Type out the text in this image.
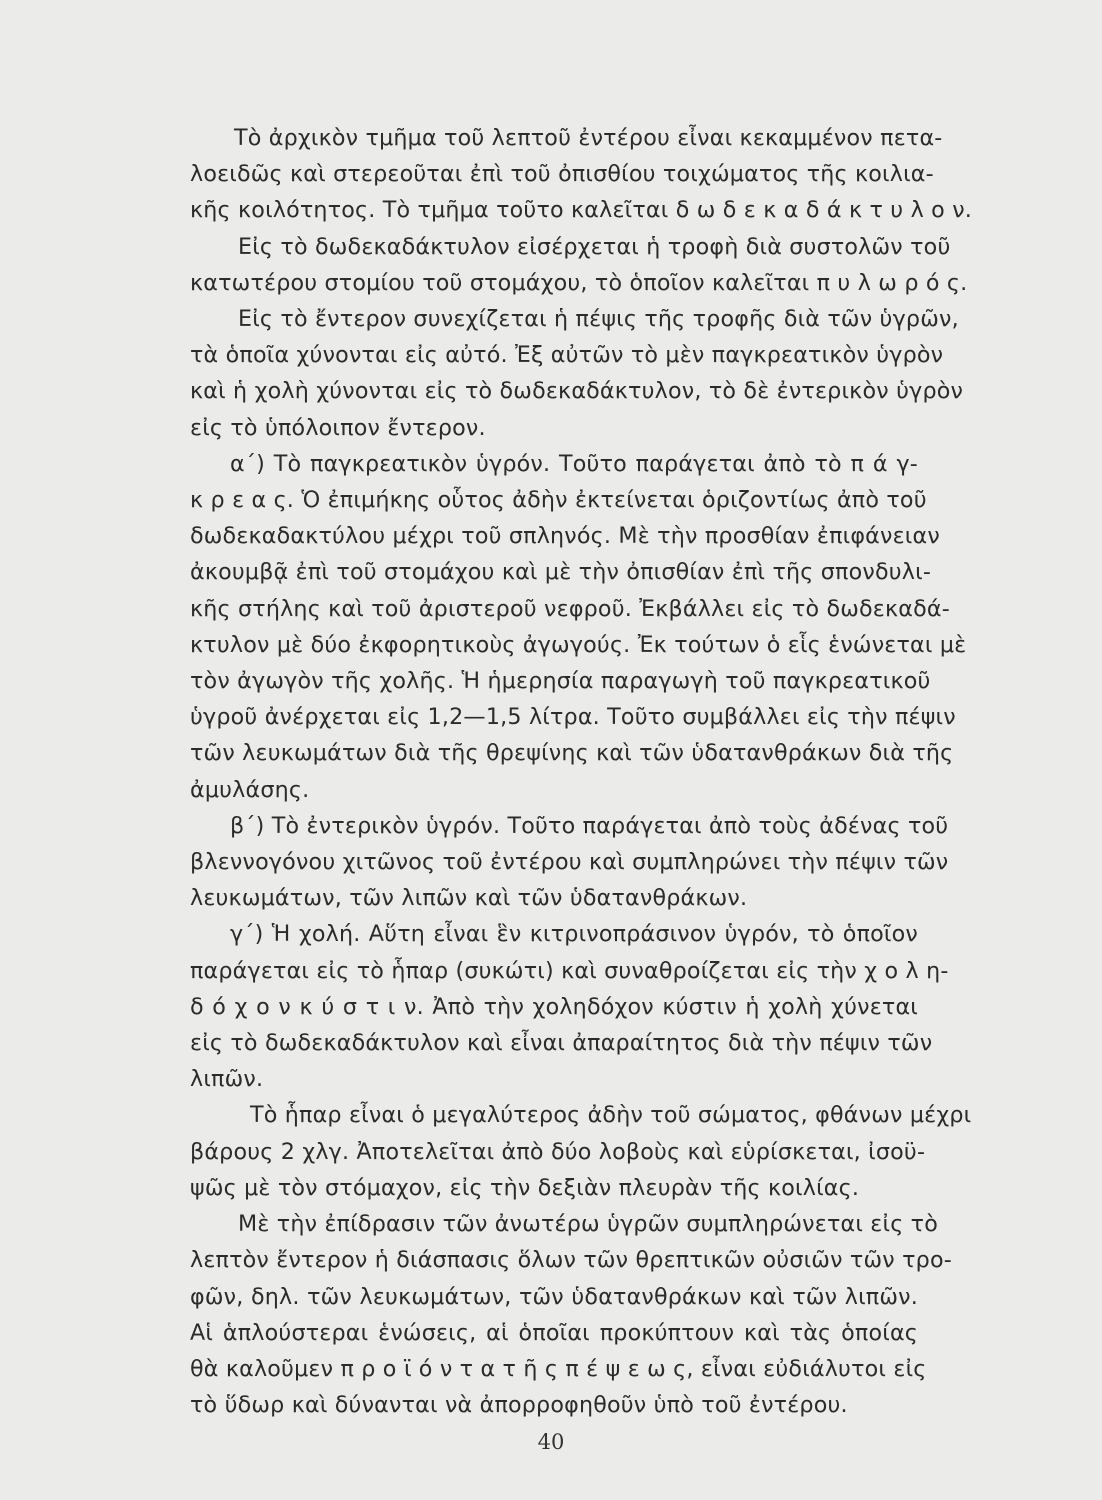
Τὸ ἀρχικὸν τμῆμα τοῦ λεπτοῦ ἐντέρου εἶναι κεκαμμένον πετα-
λοειδῶς καὶ στερεοῦται ἐπὶ τοῦ ὀπισθίου τοιχώματος τῆς κοιλια-
κῆς κοιλότητος. Τὸ τμῆμα τοῦτο καλεῖται δ ω δ ε κ α δ ά κ τ υ λ ο ν.
Εἰς τὸ δωδεκαδάκτυλον εἰσέρχεται ἡ τροφὴ διὰ συστολῶν τοῦ
κατωτέρου στομίου τοῦ στομάχου, τὸ ὁποῖον καλεῖται π υ λ ω ρ ό ς.
Εἰς τὸ ἔντερον συνεχίζεται ἡ πέψις τῆς τροφῆς διὰ τῶν ὑγρῶν,
τὰ ὁποῖα χύνονται εἰς αὐτό. Ἐξ αὐτῶν τὸ μὲν παγκρεατικὸν ὑγρὸν
καὶ ἡ χολὴ χύνονται εἰς τὸ δωδεκαδάκτυλον, τὸ δὲ ἐντερικὸν ὑγρὸν
εἰς τὸ ὑπόλοιπον ἔντερον.
α΄) Τὸ παγκρεατικὸν ὑγρόν. Τοῦτο παράγεται ἀπὸ τὸ π ά γ-
κ ρ ε α ς. Ὁ ἐπιμήκης οὗτος ἀδὴν ἐκτείνεται ὁριζοντίως ἀπὸ τοῦ
δωδεκαδακτύλου μέχρι τοῦ σπληνός. Μὲ τὴν προσθίαν ἐπιφάνειαν
ἀκουμβᾷ ἐπὶ τοῦ στομάχου καὶ μὲ τὴν ὀπισθίαν ἐπὶ τῆς σπονδυλι-
κῆς στήλης καὶ τοῦ ἀριστεροῦ νεφροῦ. Ἐκβάλλει εἰς τὸ δωδεκαδά-
κτυλον μὲ δύο ἐκφορητικοὺς ἀγωγούς. Ἐκ τούτων ὁ εἷς ἑνώνεται μὲ
τὸν ἀγωγὸν τῆς χολῆς. Ἡ ἡμερησία παραγωγὴ τοῦ παγκρεατικοῦ
ὑγροῦ ἀνέρχεται εἰς 1,2—1,5 λίτρα. Τοῦτο συμβάλλει εἰς τὴν πέψιν
τῶν λευκωμάτων διὰ τῆς θρεψίνης καὶ τῶν ὑδατανθράκων διὰ τῆς
ἀμυλάσης.
β΄) Τὸ ἐντερικὸν ὑγρόν. Τοῦτο παράγεται ἀπὸ τοὺς ἀδένας τοῦ
βλεννογόνου χιτῶνος τοῦ ἐντέρου καὶ συμπληρώνει τὴν πέψιν τῶν
λευκωμάτων, τῶν λιπῶν καὶ τῶν ὑδατανθράκων.
γ΄) Ἡ χολή. Αὕτη εἶναι ἓν κιτρινοπράσινον ὑγρόν, τὸ ὁποῖον
παράγεται εἰς τὸ ἧπαρ (συκώτι) καὶ συναθροίζεται εἰς τὴν χ ο λ η-
δ ό χ ο ν κ ύ σ τ ι ν. Ἀπὸ τὴν χοληδόχον κύστιν ἡ χολὴ χύνεται
εἰς τὸ δωδεκαδάκτυλον καὶ εἶναι ἀπαραίτητος διὰ τὴν πέψιν τῶν
λιπῶν.
Τὸ ἧπαρ εἶναι ὁ μεγαλύτερος ἀδὴν τοῦ σώματος, φθάνων μέχρι
βάρους 2 χλγ. Ἀποτελεῖται ἀπὸ δύο λοβοὺς καὶ εὑρίσκεται, ἰσοϋ-
ψῶς μὲ τὸν στόμαχον, εἰς τὴν δεξιὰν πλευρὰν τῆς κοιλίας.
Μὲ τὴν ἐπίδρασιν τῶν ἀνωτέρω ὑγρῶν συμπληρώνεται εἰς τὸ
λεπτὸν ἔντερον ἡ διάσπασις ὅλων τῶν θρεπτικῶν οὐσιῶν τῶν τρο-
φῶν, δηλ. τῶν λευκωμάτων, τῶν ὑδατανθράκων καὶ τῶν λιπῶν.
Αἱ ἁπλούστεραι ἑνώσεις, αἱ ὁποῖαι προκύπτουν καὶ τὰς ὁποίας
θὰ καλοῦμεν π ρ ο ϊ ό ν τ α τ ῆ ς π έ ψ ε ω ς, εἶναι εὐδιάλυτοι εἰς
τὸ ὕδωρ καὶ δύνανται νὰ ἀπορροφηθοῦν ὑπὸ τοῦ ἐντέρου.
40
